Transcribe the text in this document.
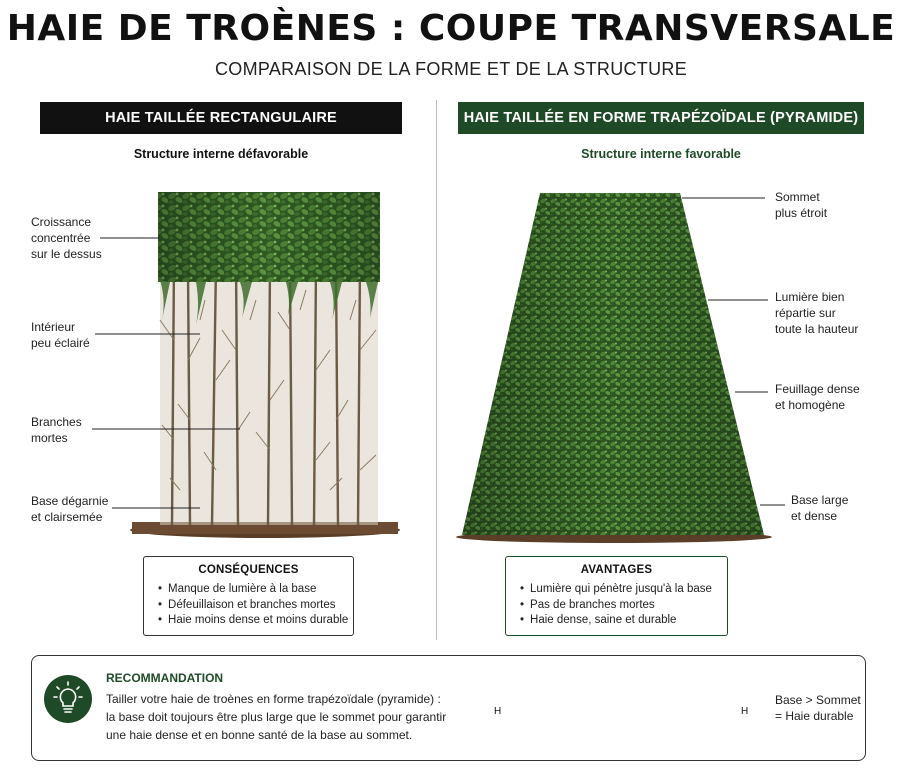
HAIE DE TROÈNES : COUPE TRANSVERSALE
COMPARAISON DE LA FORME ET DE LA STRUCTURE
HAIE TAILLÉE RECTANGULAIRE
Structure interne défavorable
Croissance
concentrée
sur le dessus
Intérieur
peu éclairé
Branches
mortes
Base dégarnie
et clairsemée
HAIE TAILLÉE EN FORME TRAPÉZOÏDALE (PYRAMIDE)
Structure interne favorable
Sommet
plus étroit
Lumière bien
répartie sur
toute la hauteur
Feuillage dense
et homogène
Base large
et dense
CONSÉQUENCES
• Manque de lumière à la base
• Défeuillaison et branches mortes
• Haie moins dense et moins durable
AVANTAGES
• Lumière qui pénètre jusqu'à la base
• Pas de branches mortes
• Haie dense, saine et durable
RECOMMANDATION
Tailler votre haie de troènes en forme trapézoïdale (pyramide) :
la base doit toujours être plus large que le sommet pour garantir
une haie dense et en bonne santé de la base au sommet.
H	H
Base > Sommet
= Haie durable
